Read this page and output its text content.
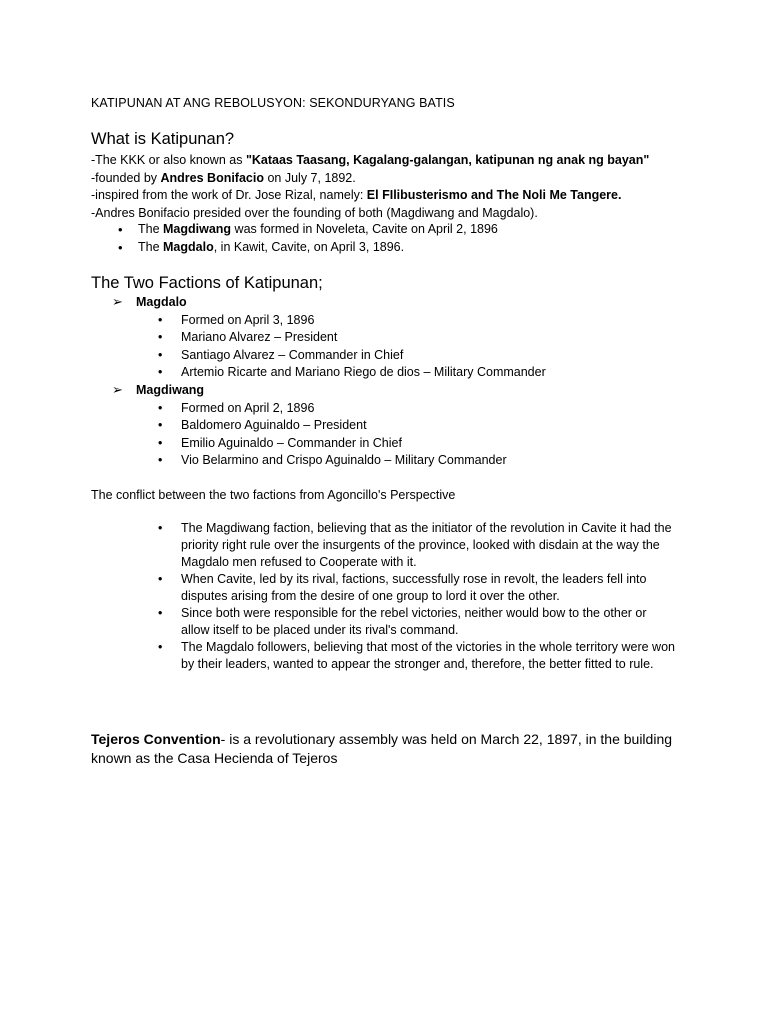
KATIPUNAN AT ANG REBOLUSYON: SEKONDURYANG BATIS
What is Katipunan?
-The KKK or also known as "Kataas Taasang, Kagalang-galangan, katipunan ng anak ng bayan"
-founded by Andres Bonifacio on July 7, 1892.
-inspired from the work of Dr. Jose Rizal, namely: El FIlibusterismo and The Noli Me Tangere.
-Andres Bonifacio presided over the founding of both (Magdiwang and Magdalo).
• The Magdiwang was formed in Noveleta, Cavite on April 2, 1896
• The Magdalo, in Kawit, Cavite, on April 3, 1896.
The Two Factions of Katipunan;
➢ Magdalo
• Formed on April 3, 1896
• Mariano Alvarez – President
• Santiago Alvarez – Commander in Chief
• Artemio Ricarte and Mariano Riego de dios – Military Commander
➢ Magdiwang
• Formed on April 2, 1896
• Baldomero Aguinaldo – President
• Emilio Aguinaldo – Commander in Chief
• Vio Belarmino and Crispo Aguinaldo – Military Commander
The conflict between the two factions from Agoncillo's Perspective

• The Magdiwang faction, believing that as the initiator of the revolution in Cavite it had the priority right rule over the insurgents of the province, looked with disdain at the way the Magdalo men refused to Cooperate with it.

• When Cavite, led by its rival, factions, successfully rose in revolt, the leaders fell into disputes arising from the desire of one group to lord it over the other.

• Since both were responsible for the rebel victories, neither would bow to the other or allow itself to be placed under its rival's command.

• The Magdalo followers, believing that most of the victories in the whole territory were won by their leaders, wanted to appear the stronger and, therefore, the better fitted to rule.

Tejeros Convention- is a revolutionary assembly was held on March 22, 1897, in the building known as the Casa Hecienda of Tejeros
